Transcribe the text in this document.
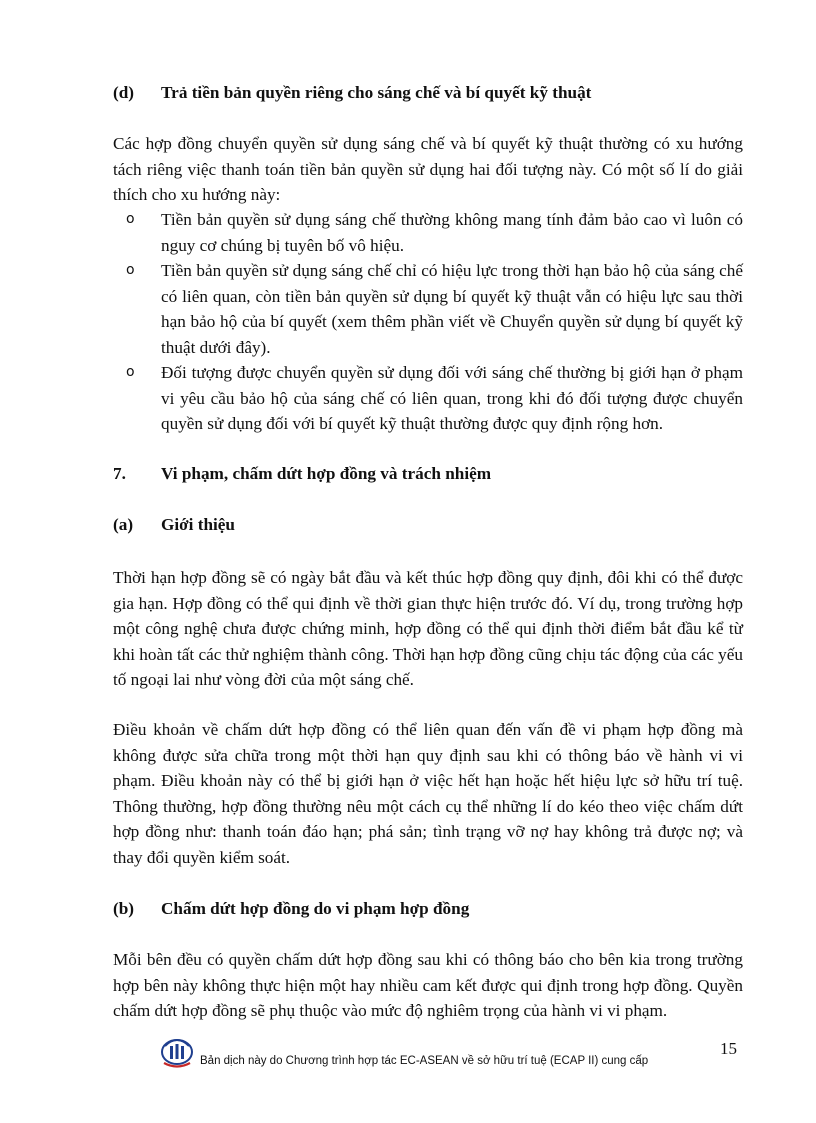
(d)	Trả tiền bản quyền riêng cho sáng chế và bí quyết kỹ thuật
Các hợp đồng chuyển quyền sử dụng sáng chế và bí quyết kỹ thuật thường có xu hướng tách riêng việc thanh toán tiền bản quyền sử dụng hai đối tượng này. Có một số lí do giải thích cho xu hướng này:
o	Tiền bản quyền sử dụng sáng chế thường không mang tính đảm bảo cao vì luôn có nguy cơ chúng bị tuyên bố vô hiệu.
o	Tiền bản quyền sử dụng sáng chế chỉ có hiệu lực trong thời hạn bảo hộ của sáng chế có liên quan, còn tiền bản quyền sử dụng bí quyết kỹ thuật vẫn có hiệu lực sau thời hạn bảo hộ của bí quyết (xem thêm phần viết về Chuyển quyền sử dụng bí quyết kỹ thuật dưới đây).
o	Đối tượng được chuyển quyền sử dụng đối với sáng chế thường bị giới hạn ở phạm vi yêu cầu bảo hộ của sáng chế có liên quan, trong khi đó đối tượng được chuyển quyền sử dụng đối với bí quyết kỹ thuật thường được quy định rộng hơn.
7.	Vi phạm, chấm dứt hợp đồng và trách nhiệm
(a)	Giới thiệu
Thời hạn hợp đồng sẽ có ngày bắt đầu và kết thúc hợp đồng quy định, đôi khi có thể được gia hạn. Hợp đồng có thể qui định về thời gian thực hiện trước đó. Ví dụ, trong trường hợp một công nghệ chưa được chứng minh, hợp đồng có thể qui định thời điểm bắt đầu kể từ khi hoàn tất các thử nghiệm thành công. Thời hạn hợp đồng cũng chịu tác động của các yếu tố ngoại lai như vòng đời của một sáng chế.
Điều khoản về chấm dứt hợp đồng có thể liên quan đến vấn đề vi phạm hợp đồng mà không được sửa chữa trong một thời hạn quy định sau khi có thông báo về hành vi vi phạm. Điều khoản này có thể bị giới hạn ở việc hết hạn hoặc hết hiệu lực sở hữu trí tuệ. Thông thường, hợp đồng thường nêu một cách cụ thể những lí do kéo theo việc chấm dứt hợp đồng như: thanh toán đáo hạn; phá sản; tình trạng vỡ nợ hay không trả được nợ; và thay đổi quyền kiểm soát.
(b)	Chấm dứt hợp đồng do vi phạm hợp đồng
Mỗi bên đều có quyền chấm dứt hợp đồng sau khi có thông báo cho bên kia trong trường hợp bên này không thực hiện một hay nhiều cam kết được qui định trong hợp đồng. Quyền chấm dứt hợp đồng sẽ phụ thuộc vào mức độ nghiêm trọng của hành vi vi phạm.
15
Bản dịch này do Chương trình hợp tác EC-ASEAN về sở hữu trí tuệ (ECAP II) cung cấp
